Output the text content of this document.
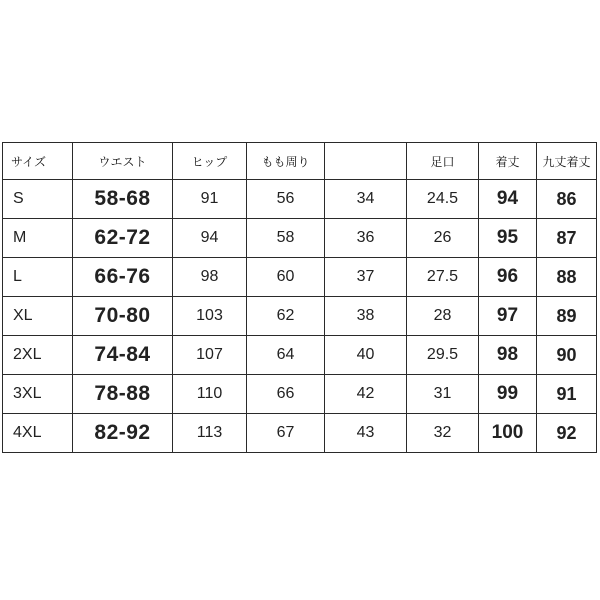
サイズ	ウエスト	ヒップ	もも周り		足口	着丈	九丈着丈
S	58-68	91	56	34	24.5	94	86
M	62-72	94	58	36	26	95	87
L	66-76	98	60	37	27.5	96	88
XL	70-80	103	62	38	28	97	89
2XL	74-84	107	64	40	29.5	98	90
3XL	78-88	110	66	42	31	99	91
4XL	82-92	113	67	43	32	100	92
